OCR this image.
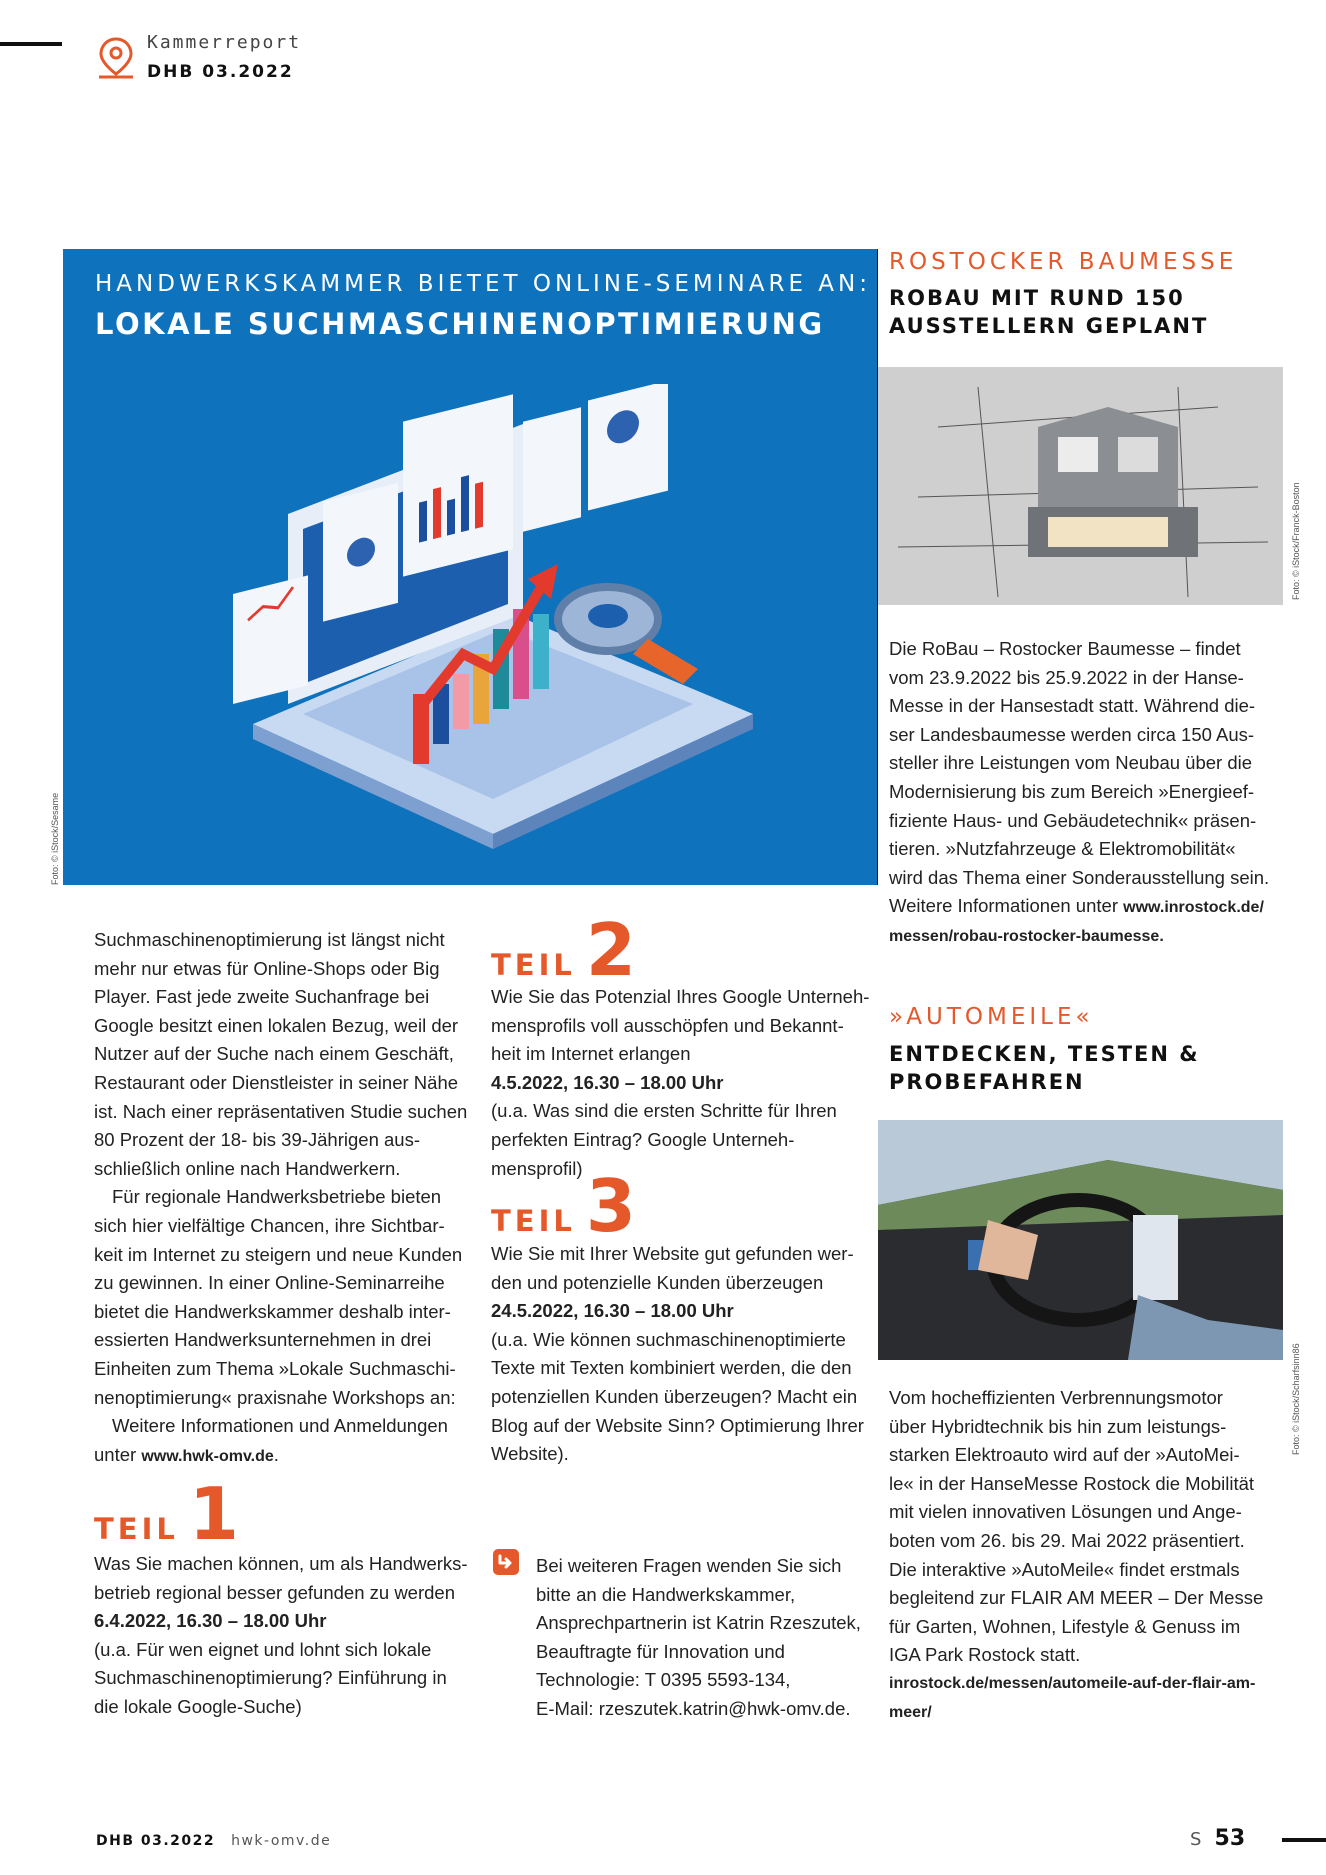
Kammerreport
DHB 03.2022
HANDWERKSKAMMER BIETET ONLINE-SEMINARE AN:
LOKALE SUCHMASCHINENOPTIMIERUNG
Foto: © iStock/Sesame

Suchmaschinenoptimierung ist längst nicht

mehr nur etwas für Online-Shops oder Big

Player. Fast jede zweite Suchanfrage bei

Google besitzt einen lokalen Bezug, weil der

Nutzer auf der Suche nach einem Geschäft,

Restaurant oder Dienstleister in seiner Nähe

ist. Nach einer repräsentativen Studie suchen

80 Prozent der 18- bis 39-Jährigen aus-

schließlich online nach Handwerkern.

Für regionale Handwerksbetriebe bieten

sich hier vielfältige Chancen, ihre Sichtbar-

keit im Internet zu steigern und neue Kunden

zu gewinnen. In einer Online-Seminarreihe

bietet die Handwerkskammer deshalb inter-

essierten Handwerksunternehmen in drei

Einheiten zum Thema »Lokale Suchmaschi-

nenoptimierung« praxisnahe Workshops an:

Weitere Informationen und Anmeldungen

unter www.hwk-omv.de.

TEIL 1

Was Sie machen können, um als Handwerks-

betrieb regional besser gefunden zu werden

6.4.2022, 16.30 – 18.00 Uhr

(u.a. Für wen eignet und lohnt sich lokale

Suchmaschinenoptimierung? Einführung in

die lokale Google-Suche)

TEIL 2

Wie Sie das Potenzial Ihres Google Unterneh-

mensprofils voll ausschöpfen und Bekannt-

heit im Internet erlangen

4.5.2022, 16.30 – 18.00 Uhr

(u.a. Was sind die ersten Schritte für Ihren

perfekten Eintrag? Google Unterneh-

mensprofil)

TEIL 3

Wie Sie mit Ihrer Website gut gefunden wer-

den und potenzielle Kunden überzeugen

24.5.2022, 16.30 – 18.00 Uhr

(u.a. Wie können suchmaschinenoptimierte

Texte mit Texten kombiniert werden, die den

potenziellen Kunden überzeugen? Macht ein

Blog auf der Website Sinn? Optimierung Ihrer

Website).

Bei weiteren Fragen wenden Sie sich

bitte an die Handwerkskammer,

Ansprechpartnerin ist Katrin Rzeszutek,

Beauftragte für Innovation und

Technologie: T 0395 5593-134,

E-Mail: rzeszutek.katrin@hwk-omv.de.

ROSTOCKER BAUMESSE
ROBAU MIT RUND 150
AUSSTELLERN GEPLANT
Foto: © iStock/Franck-Boston

Die RoBau – Rostocker Baumesse – findet

vom 23.9.2022 bis 25.9.2022 in der Hanse-

Messe in der Hansestadt statt. Während die-

ser Landesbaumesse werden circa 150 Aus-

steller ihre Leistungen vom Neubau über die

Modernisierung bis zum Bereich »Energieef-

fiziente Haus- und Gebäudetechnik« präsen-

tieren. »Nutzfahrzeuge & Elektromobilität«

wird das Thema einer Sonderausstellung sein.

Weitere Informationen unter www.inrostock.de/

messen/robau-rostocker-baumesse.

»AUTOMEILE«
ENTDECKEN, TESTEN &
PROBEFAHREN
Foto: © iStock/Scharfsinn86

Vom hocheffizienten Verbrennungsmotor

über Hybridtechnik bis hin zum leistungs-

starken Elektroauto wird auf der »AutoMei-

le« in der HanseMesse Rostock die Mobilität

mit vielen innovativen Lösungen und Ange-

boten vom 26. bis 29. Mai 2022 präsentiert.

Die interaktive »AutoMeile« findet erstmals

begleitend zur FLAIR AM MEER – Der Messe

für Garten, Wohnen, Lifestyle & Genuss im

IGA Park Rostock statt.

inrostock.de/messen/automeile-auf-der-flair-am-

meer/

DHB 03.2022 hwk-omv.de	S 53
